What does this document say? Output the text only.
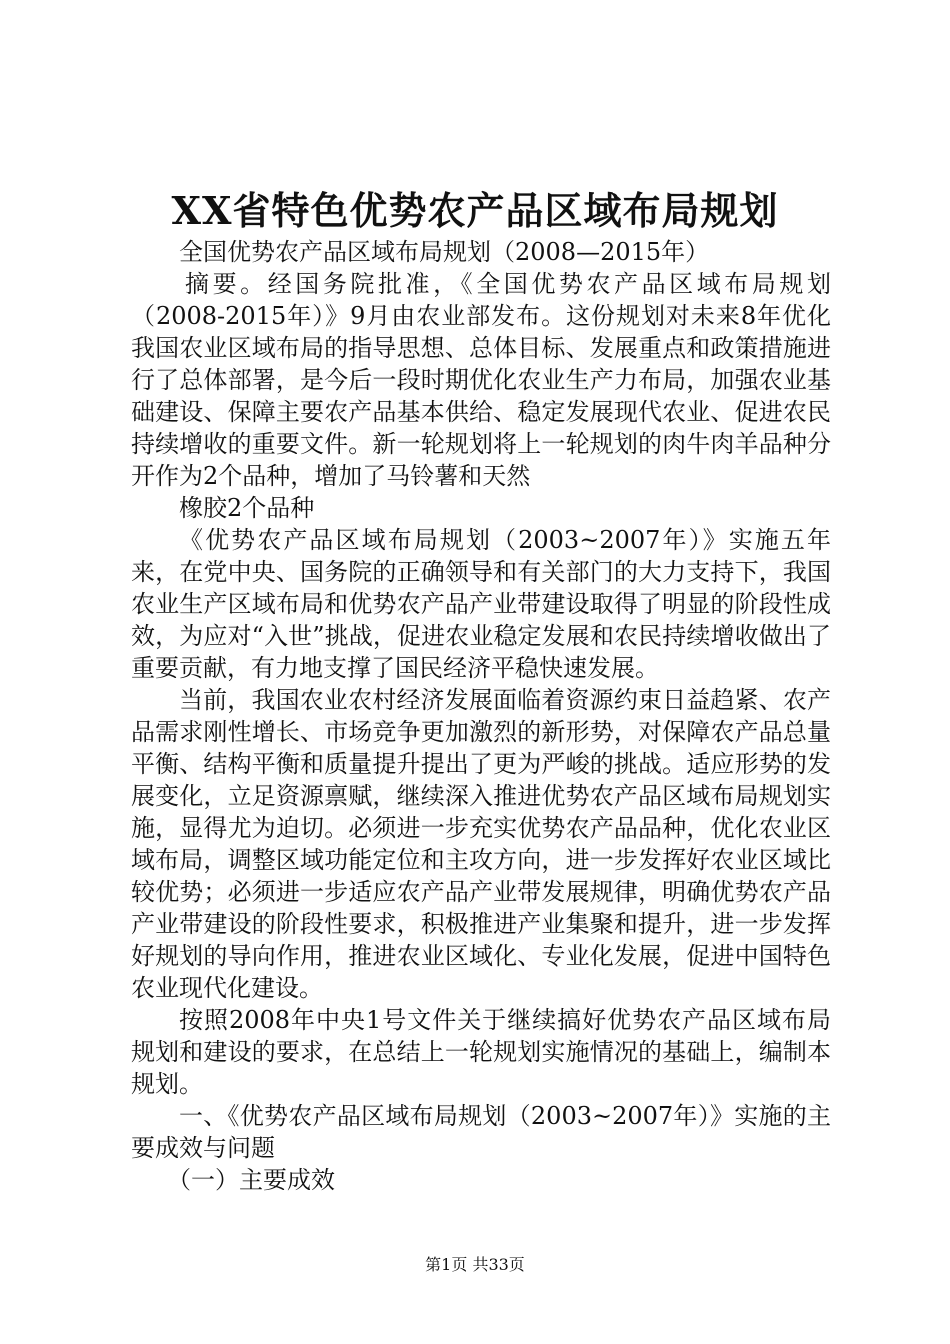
XX省特色优势农产品区域布局规划

全国优势农产品区域布局规划（2008—2015年）

摘要。经国务院批准，《全国优势农产品区域布局规划（2008-2015年）》9月由农业部发布。这份规划对未来8年优化我国农业区域布局的指导思想、总体目标、发展重点和政策措施进行了总体部署，是今后一段时期优化农业生产力布局，加强农业基础建设、保障主要农产品基本供给、稳定发展现代农业、促进农民持续增收的重要文件。新一轮规划将上一轮规划的肉牛肉羊品种分开作为2个品种，增加了马铃薯和天然

橡胶2个品种

《优势农产品区域布局规划（2003~2007年）》实施五年来，在党中央、国务院的正确领导和有关部门的大力支持下，我国农业生产区域布局和优势农产品产业带建设取得了明显的阶段性成效，为应对“入世”挑战，促进农业稳定发展和农民持续增收做出了重要贡献，有力地支撑了国民经济平稳快速发展。

当前，我国农业农村经济发展面临着资源约束日益趋紧、农产品需求刚性增长、市场竞争更加激烈的新形势，对保障农产品总量平衡、结构平衡和质量提升提出了更为严峻的挑战。适应形势的发展变化，立足资源禀赋，继续深入推进优势农产品区域布局规划实施，显得尤为迫切。必须进一步充实优势农产品品种，优化农业区域布局，调整区域功能定位和主攻方向，进一步发挥好农业区域比较优势；必须进一步适应农产品产业带发展规律，明确优势农产品产业带建设的阶段性要求，积极推进产业集聚和提升，进一步发挥好规划的导向作用，推进农业区域化、专业化发展，促进中国特色农业现代化建设。

按照2008年中央1号文件关于继续搞好优势农产品区域布局规划和建设的要求，在总结上一轮规划实施情况的基础上，编制本规划。

一、《优势农产品区域布局规划（2003~2007年）》实施的主要成效与问题

（一）主要成效

第1页 共33页
